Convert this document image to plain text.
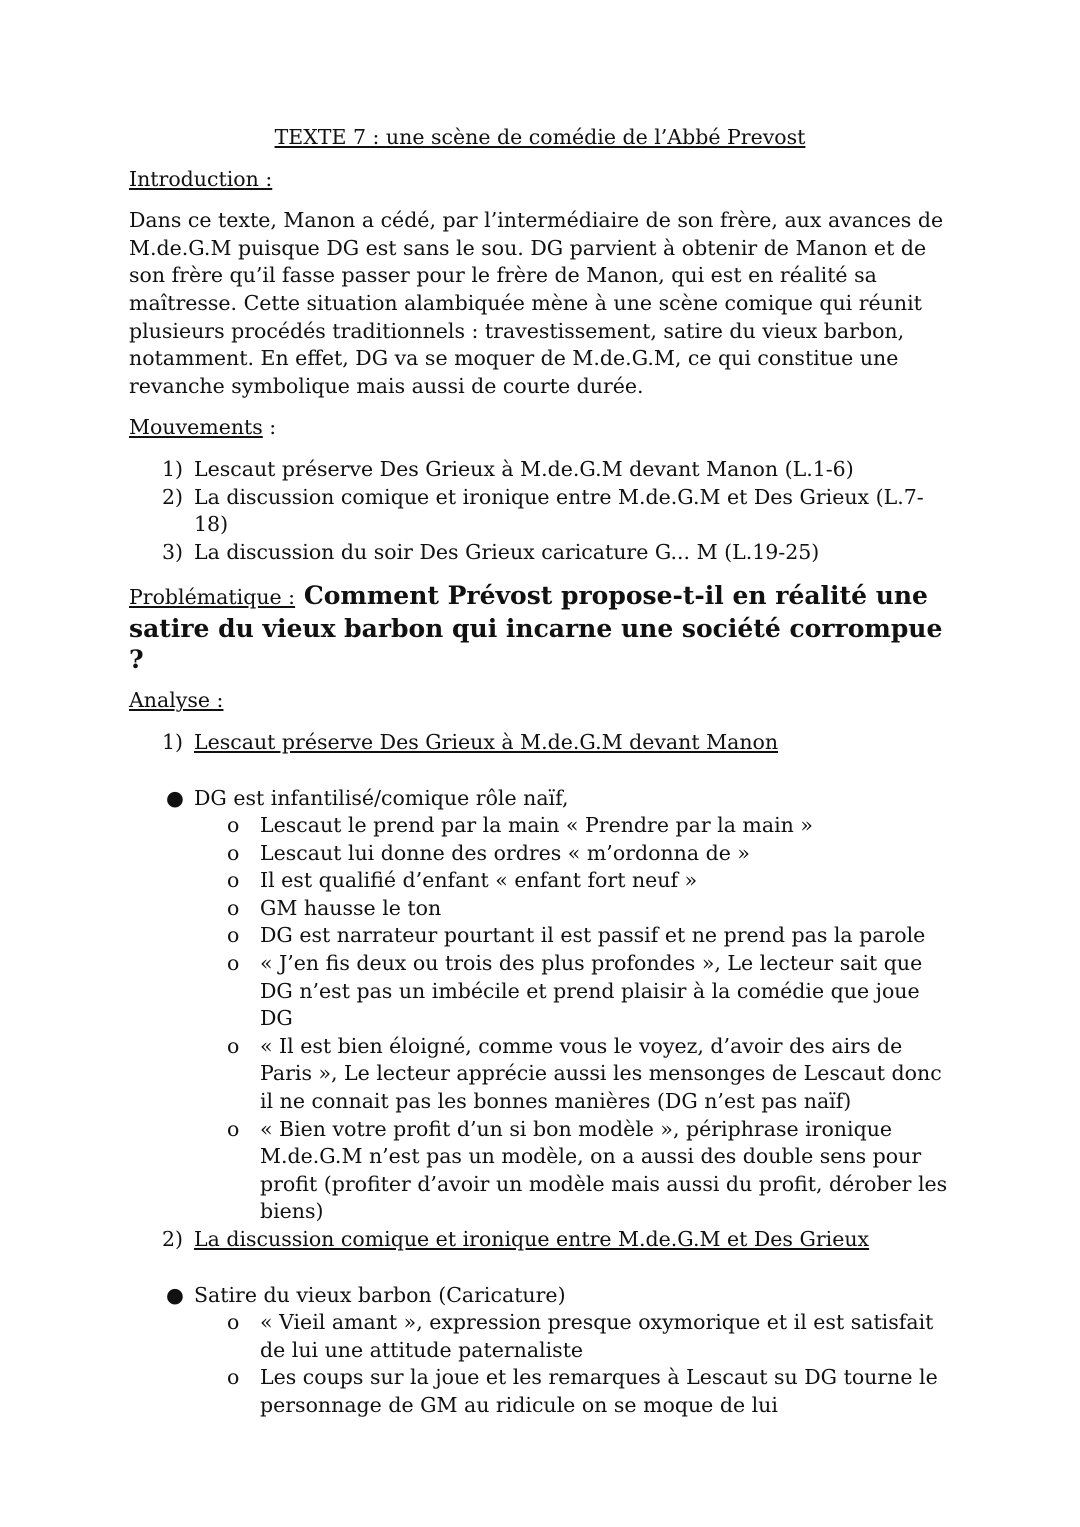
TEXTE 7 : une scène de comédie de l’Abbé Prevost
Introduction :
Dans ce texte, Manon a cédé, par l’intermédiaire de son frère, aux avances de M.de.G.M puisque DG est sans le sou. DG parvient à obtenir de Manon et de son frère qu’il fasse passer pour le frère de Manon, qui est en réalité sa maîtresse. Cette situation alambiquée mène à une scène comique qui réunit plusieurs procédés traditionnels : travestissement, satire du vieux barbon, notamment. En effet, DG va se moquer de M.de.G.M, ce qui constitue une revanche symbolique mais aussi de courte durée.
Mouvements :
1) Lescaut préserve Des Grieux à M.de.G.M devant Manon (L.1-6)
2) La discussion comique et ironique entre M.de.G.M et Des Grieux (L.7-18)
3) La discussion du soir Des Grieux caricature G... M (L.19-25)
Problématique : Comment Prévost propose-t-il en réalité une satire du vieux barbon qui incarne une société corrompue ?
Analyse :
1) Lescaut préserve Des Grieux à M.de.G.M devant Manon
● DG est infantilisé/comique rôle naïf,
o Lescaut le prend par la main « Prendre par la main »
o Lescaut lui donne des ordres « m’ordonna de »
o Il est qualifié d’enfant « enfant fort neuf »
o GM hausse le ton
o DG est narrateur pourtant il est passif et ne prend pas la parole
o « J’en fis deux ou trois des plus profondes », Le lecteur sait que DG n’est pas un imbécile et prend plaisir à la comédie que joue DG
o « Il est bien éloigné, comme vous le voyez, d’avoir des airs de Paris », Le lecteur apprécie aussi les mensonges de Lescaut donc il ne connait pas les bonnes manières (DG n’est pas naïf)
o « Bien votre profit d’un si bon modèle », périphrase ironique M.de.G.M n’est pas un modèle, on a aussi des double sens pour profit (profiter d’avoir un modèle mais aussi du profit, dérober les biens)
2) La discussion comique et ironique entre M.de.G.M et Des Grieux
● Satire du vieux barbon (Caricature)
o « Vieil amant », expression presque oxymorique et il est satisfait de lui une attitude paternaliste
o Les coups sur la joue et les remarques à Lescaut su DG tourne le personnage de GM au ridicule on se moque de lui
